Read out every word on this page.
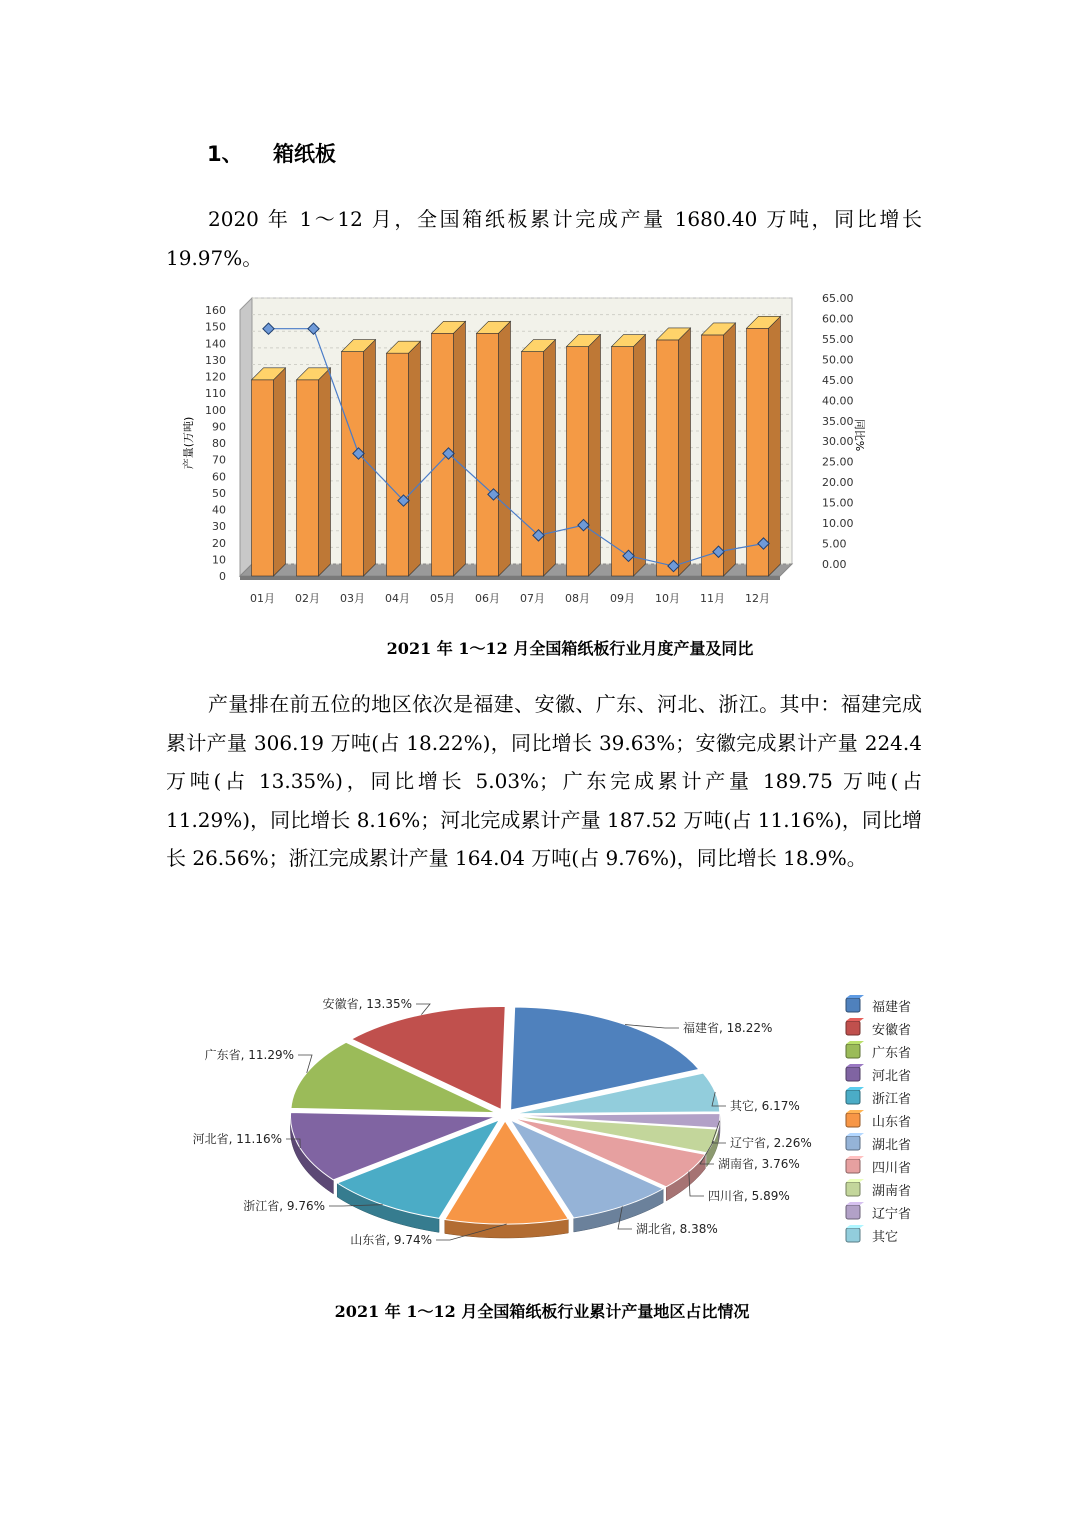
1、 箱纸板
2020 年 1～12 月，全国箱纸板累计完成产量 1680.40 万吨，同比增长 19.97%。
0
10
20
30
40
50
60
70
80
90
100
110
120
130
140
150
160
0.00
5.00
10.00
15.00
20.00
25.00
30.00
35.00
40.00
45.00
50.00
55.00
60.00
65.00
产量(万吨)	同比%
01月 02月 03月 04月 05月 06月 07月 08月 09月 10月 11月 12月
2021 年 1～12 月全国箱纸板行业月度产量及同比
产量排在前五位的地区依次是福建、安徽、广东、河北、浙江。其中：福建完成累计产量 306.19 万吨(占 18.22%)，同比增长 39.63%；安徽完成累计产量 224.4 万吨(占 13.35%)，同比增长 5.03%；广东完成累计产量 189.75 万吨(占 11.29%)，同比增长 8.16%；河北完成累计产量 187.52 万吨(占 11.16%)，同比增长 26.56%；浙江完成累计产量 164.04 万吨(占 9.76%)，同比增长 18.9%。
福建省, 18.22%
其它, 6.17%
辽宁省, 2.26%
湖南省, 3.76%
四川省, 5.89%
湖北省, 8.38%
山东省, 9.74%
浙江省, 9.76%
河北省, 11.16%
广东省, 11.29%
安徽省, 13.35%	福建省
安徽省
广东省
河北省
浙江省
山东省
湖北省
四川省
湖南省
辽宁省
其它
2021 年 1～12 月全国箱纸板行业累计产量地区占比情况
